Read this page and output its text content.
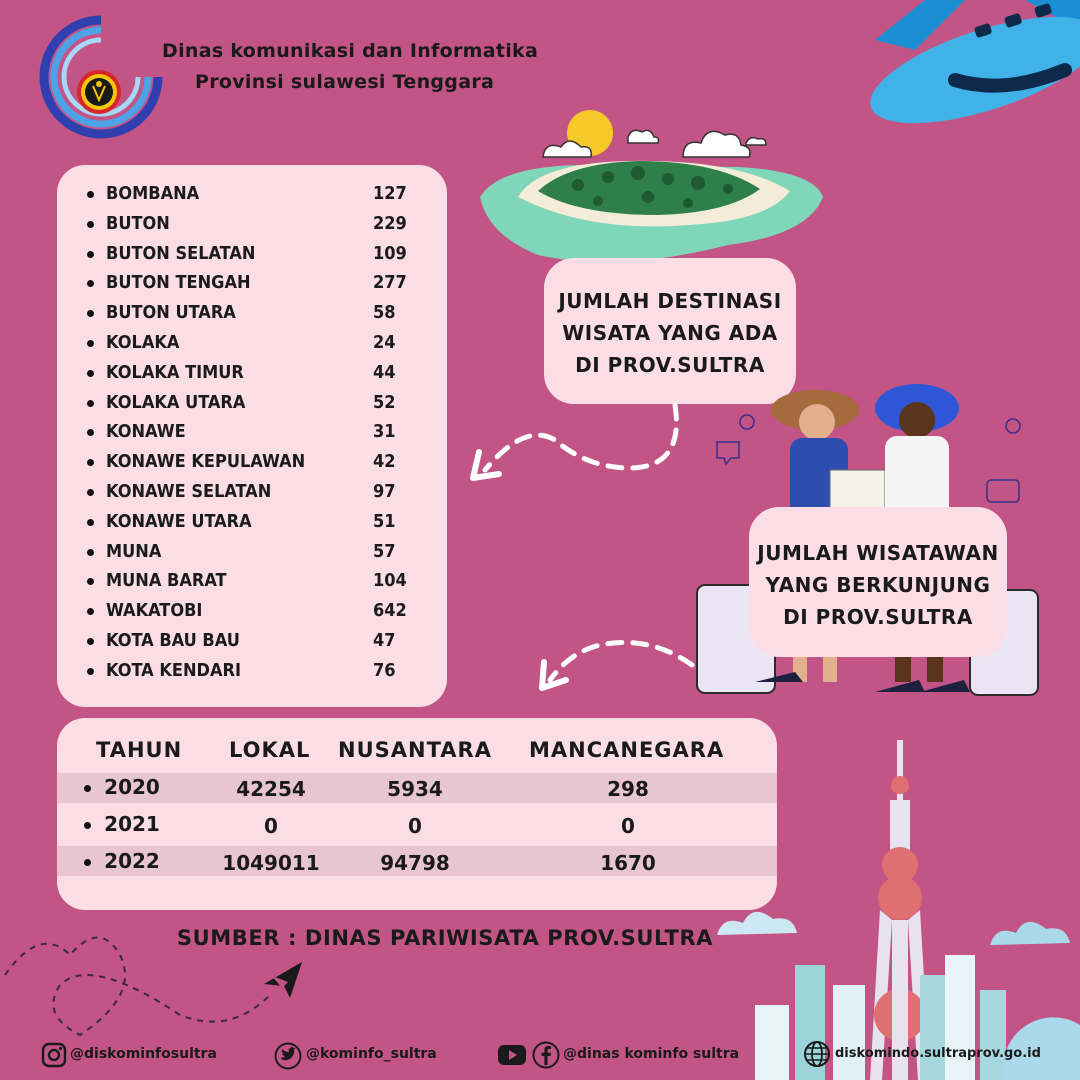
Dinas komunikasi dan Informatika
Provinsi sulawesi Tenggara
JUMLAH DESTINASI
WISATA YANG ADA
DI PROV.SULTRA
JUMLAH WISATAWAN
YANG BERKUNJUNG
DI PROV.SULTRA
BOMBANA	127
BUTON	229
BUTON SELATAN	109
BUTON TENGAH	277
BUTON UTARA	58
KOLAKA	24
KOLAKA TIMUR	44
KOLAKA UTARA	52
KONAWE	31
KONAWE KEPULAWAN	42
KONAWE SELATAN	97
KONAWE UTARA	51
MUNA	57
MUNA BARAT	104
WAKATOBI	642
KOTA BAU BAU	47
KOTA KENDARI	76
TAHUN LOKAL NUSANTARA MANCANEGARA
2020	42254	5934	298
2021	0	0	0
2022	1049011	94798	1670
SUMBER : DINAS PARIWISATA PROV.SULTRA
@diskominfosultra	@kominfo_sultra	@dinas kominfo sultra	diskomindo.sultraprov.go.id
